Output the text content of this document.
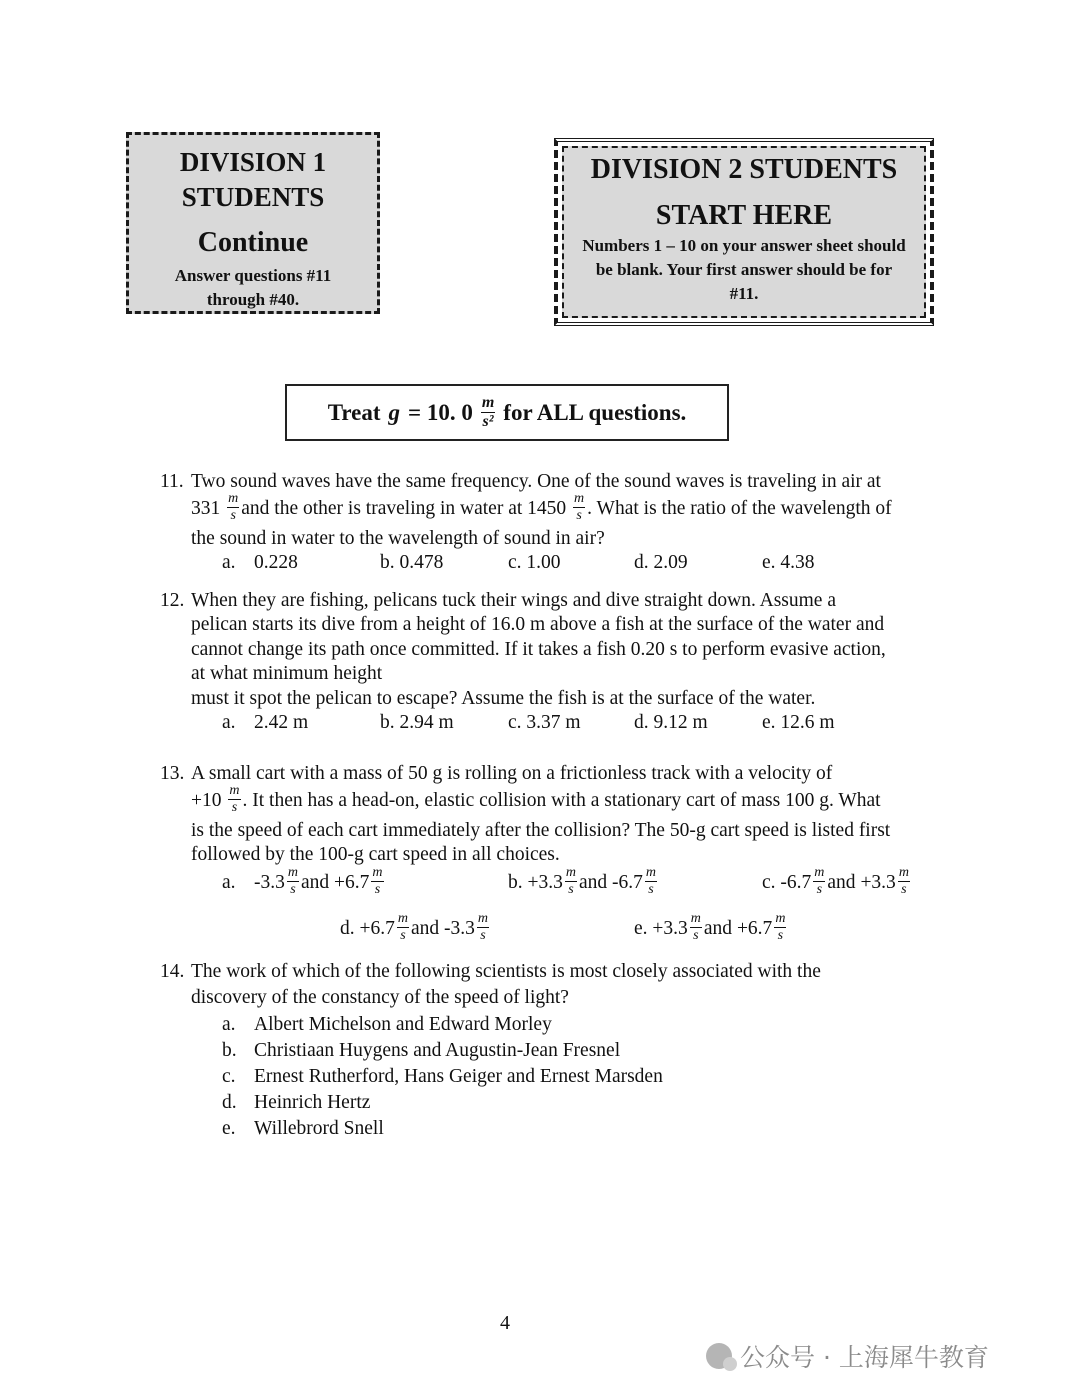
DIVISION 1 STUDENTS
Continue
Answer questions #11 through #40.
DIVISION 2 STUDENTS
START HERE
Numbers 1 – 10 on your answer sheet should be blank. Your first answer should be for #11.
Treat g = 10. $0 \frac{m}{\text{s²}}$ for ALL questions.
11. Two sound waves have the same frequency. One of the sound waves is traveling in air at
$331 \frac{m}{s}$ and the other is traveling in water at $1450 \frac{m}{s}$ . What is the ratio of the wavelength of
the sound in water to the wavelength of sound in air?
a. 0.228	b. 0.478	c. 1.00	d. 2.09	e. 4.38
12. When they are fishing, pelicans tuck their wings and dive straight down. Assume a
pelican starts its dive from a height of 16.0 m above a fish at the surface of the water and
cannot change its path once committed. If it takes a fish 0.20 s to perform evasive action,
at what minimum height
must it spot the pelican to escape? Assume the fish is at the surface of the water.
a. 2.42 m	b. 2.94 m	c. 3.37 m	d. 9.12 m	e. 12.6 m
13. A small cart with a mass of 50 g is rolling on a frictionless track with a velocity of
$+10 \frac{m}{s}$ . It then has a head-on, elastic collision with a stationary cart of mass 100 g. What
is the speed of each cart immediately after the collision? The 50-g cart speed is listed first
followed by the 100-g cart speed in all choices.
a. $-3.3 \frac{m}{s}$ and $+6.7 \frac{m}{s}$	b. $+3.3 \frac{m}{s}$ and $-6.7 \frac{m}{s}$	c. $-6.7 \frac{m}{s}$ and $+3.3 \frac{m}{s}$
d. $+6.7 \frac{m}{s}$ and $-3.3 \frac{m}{s}$	e. $+3.3 \frac{m}{s}$ and $+6.7 \frac{m}{s}$
14. The work of which of the following scientists is most closely associated with the
discovery of the constancy of the speed of light?
a. Albert Michelson and Edward Morley
b. Christiaan Huygens and Augustin-Jean Fresnel
c. Ernest Rutherford, Hans Geiger and Ernest Marsden
d. Heinrich Hertz
e. Willebrord Snell
4
公众号 · 上海犀牛教育
